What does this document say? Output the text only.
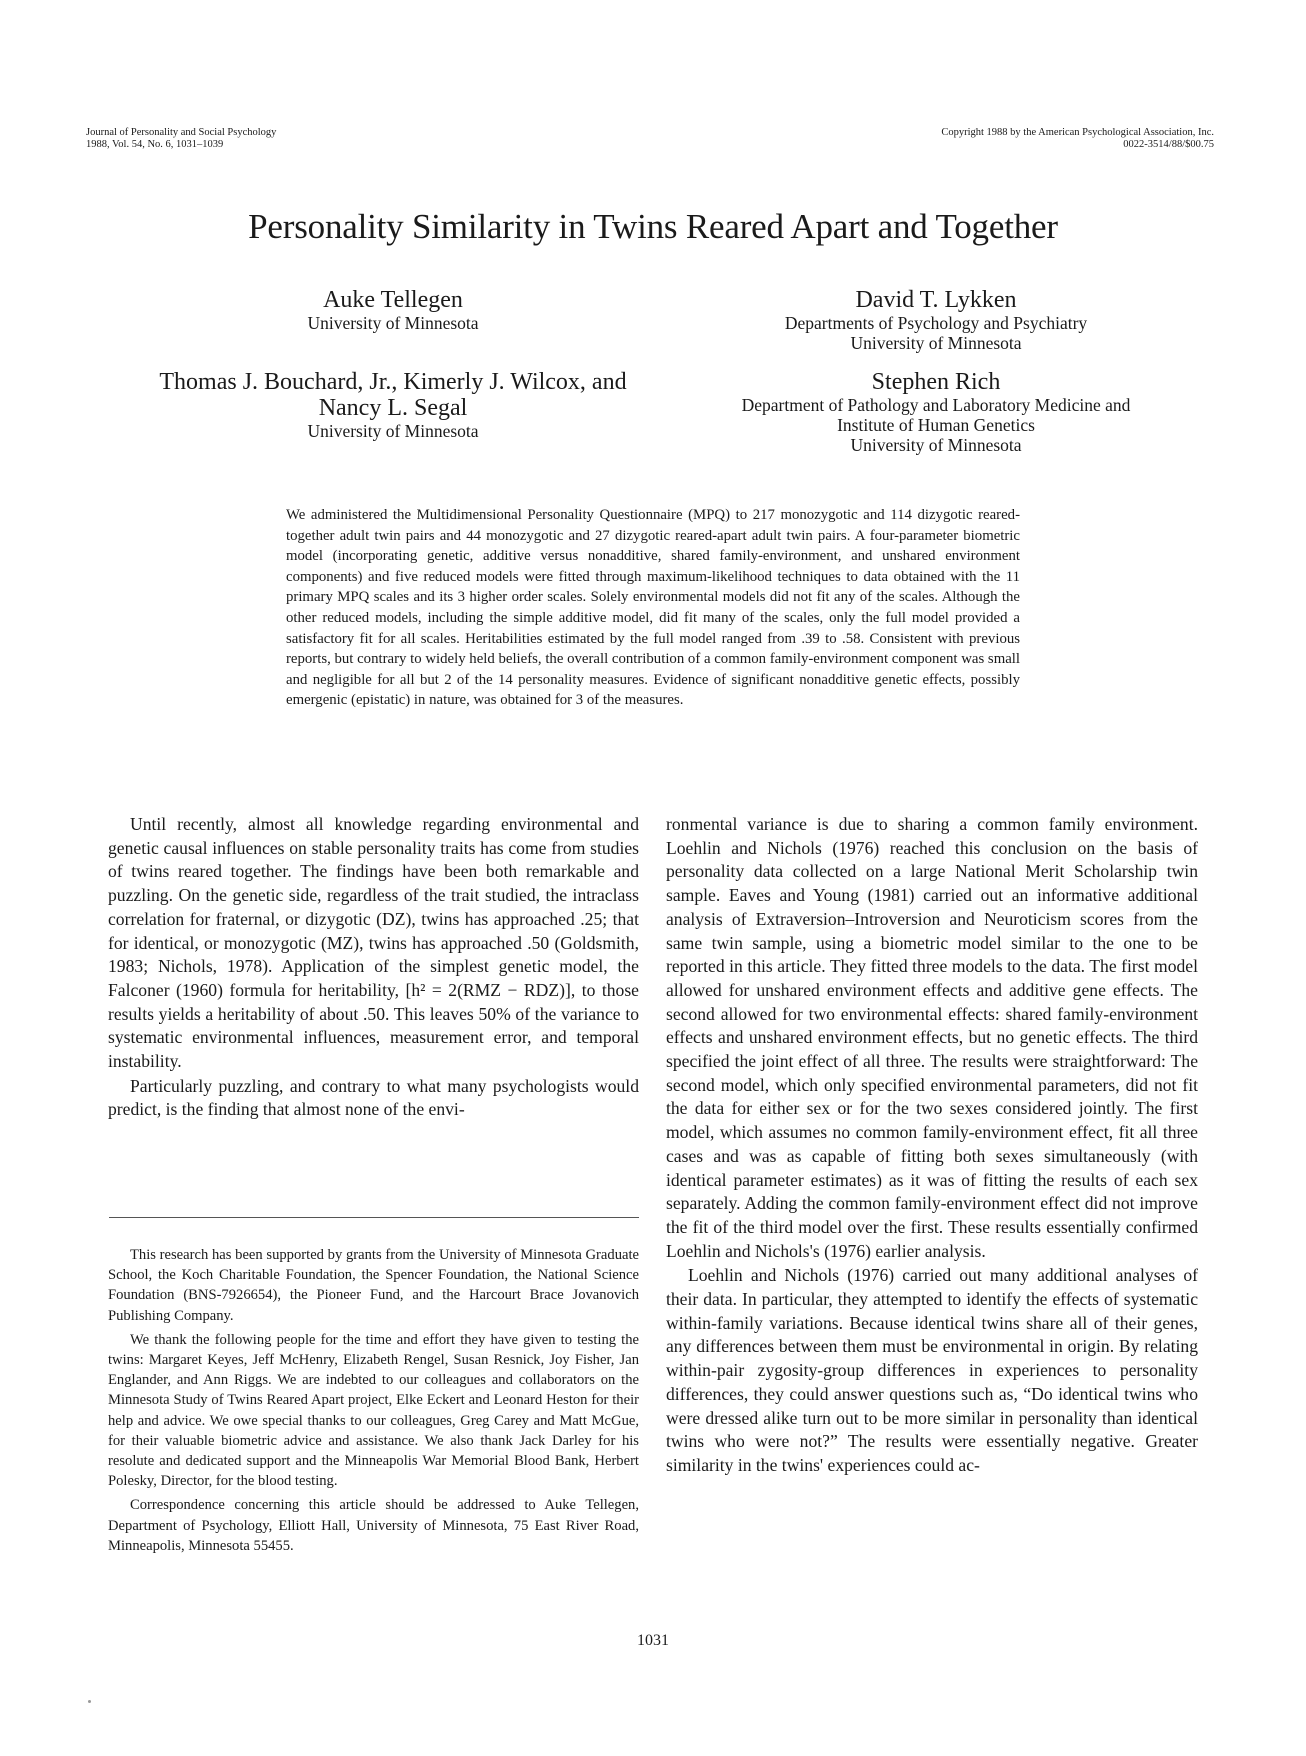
Journal of Personality and Social Psychology
1988, Vol. 54, No. 6, 1031–1039
Copyright 1988 by the American Psychological Association, Inc.
0022-3514/88/$00.75
Personality Similarity in Twins Reared Apart and Together
Auke Tellegen
University of Minnesota
David T. Lykken
Departments of Psychology and Psychiatry
University of Minnesota
Thomas J. Bouchard, Jr., Kimerly J. Wilcox, and
Nancy L. Segal
University of Minnesota
Stephen Rich
Department of Pathology and Laboratory Medicine and
Institute of Human Genetics
University of Minnesota
We administered the Multidimensional Personality Questionnaire (MPQ) to 217 monozygotic and 114 dizygotic reared-together adult twin pairs and 44 monozygotic and 27 dizygotic reared-apart adult twin pairs. A four-parameter biometric model (incorporating genetic, additive versus nonadditive, shared family-environment, and unshared environment components) and five reduced models were fitted through maximum-likelihood techniques to data obtained with the 11 primary MPQ scales and its 3 higher order scales. Solely environmental models did not fit any of the scales. Although the other reduced models, including the simple additive model, did fit many of the scales, only the full model provided a satisfactory fit for all scales. Heritabilities estimated by the full model ranged from .39 to .58. Consistent with previous reports, but contrary to widely held beliefs, the overall contribution of a common family-environment component was small and negligible for all but 2 of the 14 personality measures. Evidence of significant nonadditive genetic effects, possibly emergenic (epistatic) in nature, was obtained for 3 of the measures.

Until recently, almost all knowledge regarding environmental and genetic causal influences on stable personality traits has come from studies of twins reared together. The findings have been both remarkable and puzzling. On the genetic side, regardless of the trait studied, the intraclass correlation for fraternal, or dizygotic (DZ), twins has approached .25; that for identical, or monozygotic (MZ), twins has approached .50 (Goldsmith, 1983; Nichols, 1978). Application of the simplest genetic model, the Falconer (1960) formula for heritability, [h² = 2(RMZ − RDZ)], to those results yields a heritability of about .50. This leaves 50% of the variance to systematic environmental influences, measurement error, and temporal instability.

Particularly puzzling, and contrary to what many psychologists would predict, is the finding that almost none of the envi-

This research has been supported by grants from the University of Minnesota Graduate School, the Koch Charitable Foundation, the Spencer Foundation, the National Science Foundation (BNS-7926654), the Pioneer Fund, and the Harcourt Brace Jovanovich Publishing Company.

We thank the following people for the time and effort they have given to testing the twins: Margaret Keyes, Jeff McHenry, Elizabeth Rengel, Susan Resnick, Joy Fisher, Jan Englander, and Ann Riggs. We are indebted to our colleagues and collaborators on the Minnesota Study of Twins Reared Apart project, Elke Eckert and Leonard Heston for their help and advice. We owe special thanks to our colleagues, Greg Carey and Matt McGue, for their valuable biometric advice and assistance. We also thank Jack Darley for his resolute and dedicated support and the Minneapolis War Memorial Blood Bank, Herbert Polesky, Director, for the blood testing.

Correspondence concerning this article should be addressed to Auke Tellegen, Department of Psychology, Elliott Hall, University of Minnesota, 75 East River Road, Minneapolis, Minnesota 55455.

ronmental variance is due to sharing a common family environment. Loehlin and Nichols (1976) reached this conclusion on the basis of personality data collected on a large National Merit Scholarship twin sample. Eaves and Young (1981) carried out an informative additional analysis of Extraversion–Introversion and Neuroticism scores from the same twin sample, using a biometric model similar to the one to be reported in this article. They fitted three models to the data. The first model allowed for unshared environment effects and additive gene effects. The second allowed for two environmental effects: shared family-environment effects and unshared environment effects, but no genetic effects. The third specified the joint effect of all three. The results were straightforward: The second model, which only specified environmental parameters, did not fit the data for either sex or for the two sexes considered jointly. The first model, which assumes no common family-environment effect, fit all three cases and was as capable of fitting both sexes simultaneously (with identical parameter estimates) as it was of fitting the results of each sex separately. Adding the common family-environment effect did not improve the fit of the third model over the first. These results essentially confirmed Loehlin and Nichols's (1976) earlier analysis.

Loehlin and Nichols (1976) carried out many additional analyses of their data. In particular, they attempted to identify the effects of systematic within-family variations. Because identical twins share all of their genes, any differences between them must be environmental in origin. By relating within-pair zygosity-group differences in experiences to personality differences, they could answer questions such as, “Do identical twins who were dressed alike turn out to be more similar in personality than identical twins who were not?” The results were essentially negative. Greater similarity in the twins' experiences could ac-

1031
